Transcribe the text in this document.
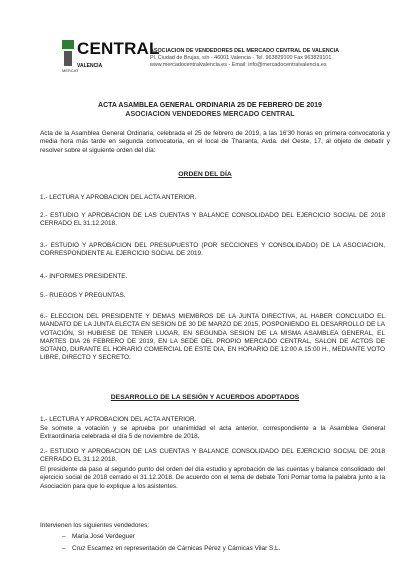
CENTRAL
VALENCIA
MERCAT
ASOCIACION DE VENDEDORES DEL MERCADO CENTRAL DE VALENCIA
Pl. Ciudad de Brujas, s/n - 46001 Valencia - Tel. 963829100 Fax 963829101
www.mercadocentralvalencia.es - Email: info@mercadocentralvalencia.es
ACTA ASAMBLEA GENERAL ORDINARIA 25 DE FEBRERO DE 2019
ASOCIACION VENDEDORES MERCADO CENTRAL
Acta de la Asamblea General Ordinaria, celebrada el 25 de febrero de 2019, a las 16'30 horas en primera convocatoria y media hora más tarde en segunda convocatoria, en el local de Tharanta, Avda. del Oeste, 17, al objeto de debatir y resolver sobre el siguiente orden del día:
ORDEN DEL DÍA
1.- LECTURA Y APROBACION DEL ACTA ANTERIOR.
2.- ESTUDIO Y APROBACION DE LAS CUENTAS Y BALANCE CONSOLIDADO DEL EJERCICIO SOCIAL DE 2018 CERRADO EL 31.12.2018.
3.- ESTUDIO Y APROBACION DEL PRESUPUESTO (POR SECCIONES Y CONSOLIDADO) DE LA ASOCIACION, CORRESPONDIENTE AL EJERCICIO SOCIAL DE 2019.
4.- INFORMES PRESIDENTE.
5.- RUEGOS Y PREGUNTAS.
6.- ELECCION DEL PRESIDENTE Y DEMAS MIEMBROS DE LA JUNTA DIRECTIVA, AL HABER CONCLUIDO EL MANDATO DE LA JUNTA ELECTA EN SESION DE 30 DE MARZO DE 2015, POSPONIENDO EL DESARROLLO DE LA VOTACIÓN, SI HUBIESE DE TENER LUGAR, EN SEGUNDA SESION DE LA MISMA ASAMBLEA GENERAL, EL MARTES DIA 26 FEBRERO DE 2019, EN LA SEDE DEL PROPIO MERCADO CENTRAL, SALON DE ACTOS DE SOTANO, DURANTE EL HORARIO COMERCIAL DE ESTE DIA, EN HORARIO DE 12:00 A 15:00 H., MEDIANTE VOTO LIBRE, DIRECTO Y SECRETO.
DESARROLLO DE LA SESIÓN Y ACUERDOS ADOPTADOS
1.- LECTURA Y APROBACION DEL ACTA ANTERIOR.
Se somete a votación y se aprueba por unanimidad el acta anterior, correspondiente a la Asamblea General Extraordinaria celebrada el día 5 de noviembre de 2018.
2.- ESTUDIO Y APROBACION DE LAS CUENTAS Y BALANCE CONSOLIDADO DEL EJERCICIO SOCIAL DE 2018 CERRADO EL 31.12.2018.
El presidente da paso al segundo punto del orden del día estudio y aprobación de las cuentas y balance consolidado del ejercicio social de 2018 cerrado el 31.12.2018. De acuerdo con el tema de debate Toni Pomar toma la palabra junto a la Asociación para que lo explique a los asistentes.
Intervienen los siguientes vendedores:
– María José Verdeguer
– Cruz Escamez en representación de Cárnicas Pérez y Cárnicas Vilar S.L.
